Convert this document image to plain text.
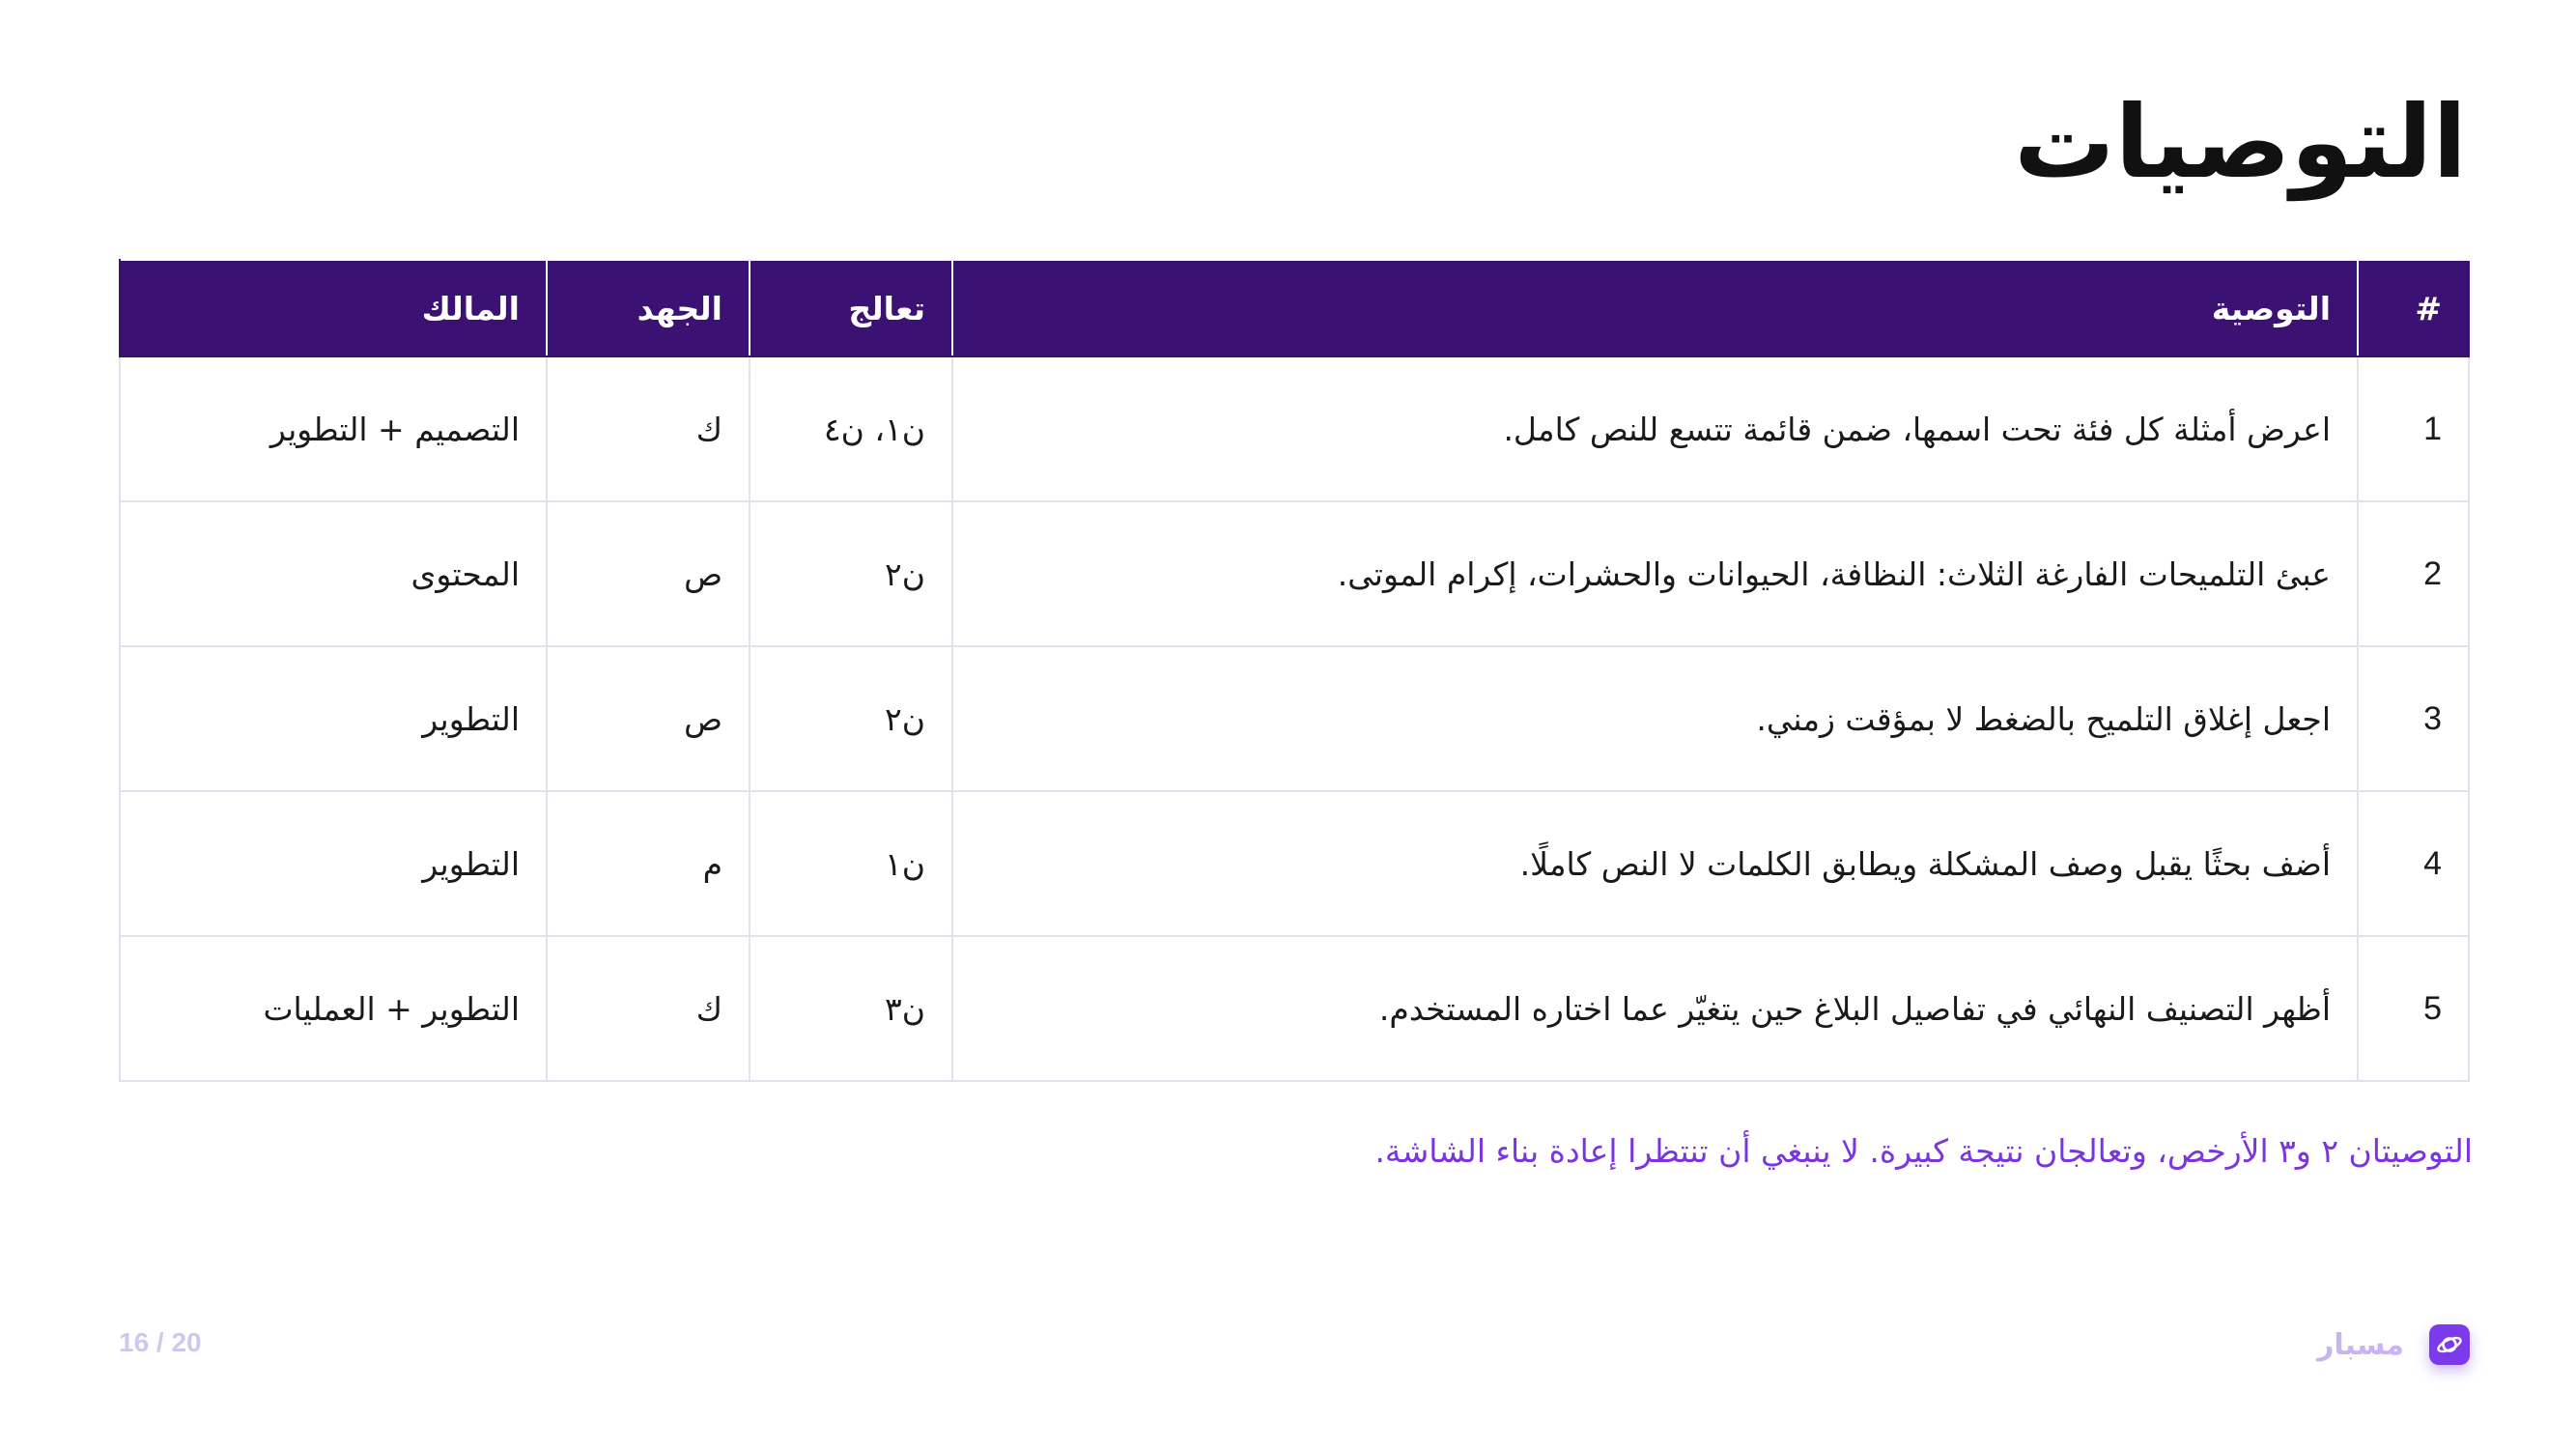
التوصيات
#	التوصية	تعالج	الجهد	المالك
1	اعرض أمثلة كل فئة تحت اسمها، ضمن قائمة تتسع للنص كامل.	ن١، ن٤	ك	التصميم + التطوير
2	عبئ التلميحات الفارغة الثلاث: النظافة، الحيوانات والحشرات، إكرام الموتى.	ن٢	ص	المحتوى
3	اجعل إغلاق التلميح بالضغط لا بمؤقت زمني.	ن٢	ص	التطوير
4	أضف بحثًا يقبل وصف المشكلة ويطابق الكلمات لا النص كاملًا.	ن١	م	التطوير
5	أظهر التصنيف النهائي في تفاصيل البلاغ حين يتغيّر عما اختاره المستخدم.	ن٣	ك	التطوير + العمليات

التوصيتان ٢ و٣ الأرخص، وتعالجان نتيجة كبيرة. لا ينبغي أن تنتظرا إعادة بناء الشاشة.

مسبار

16 / 20
